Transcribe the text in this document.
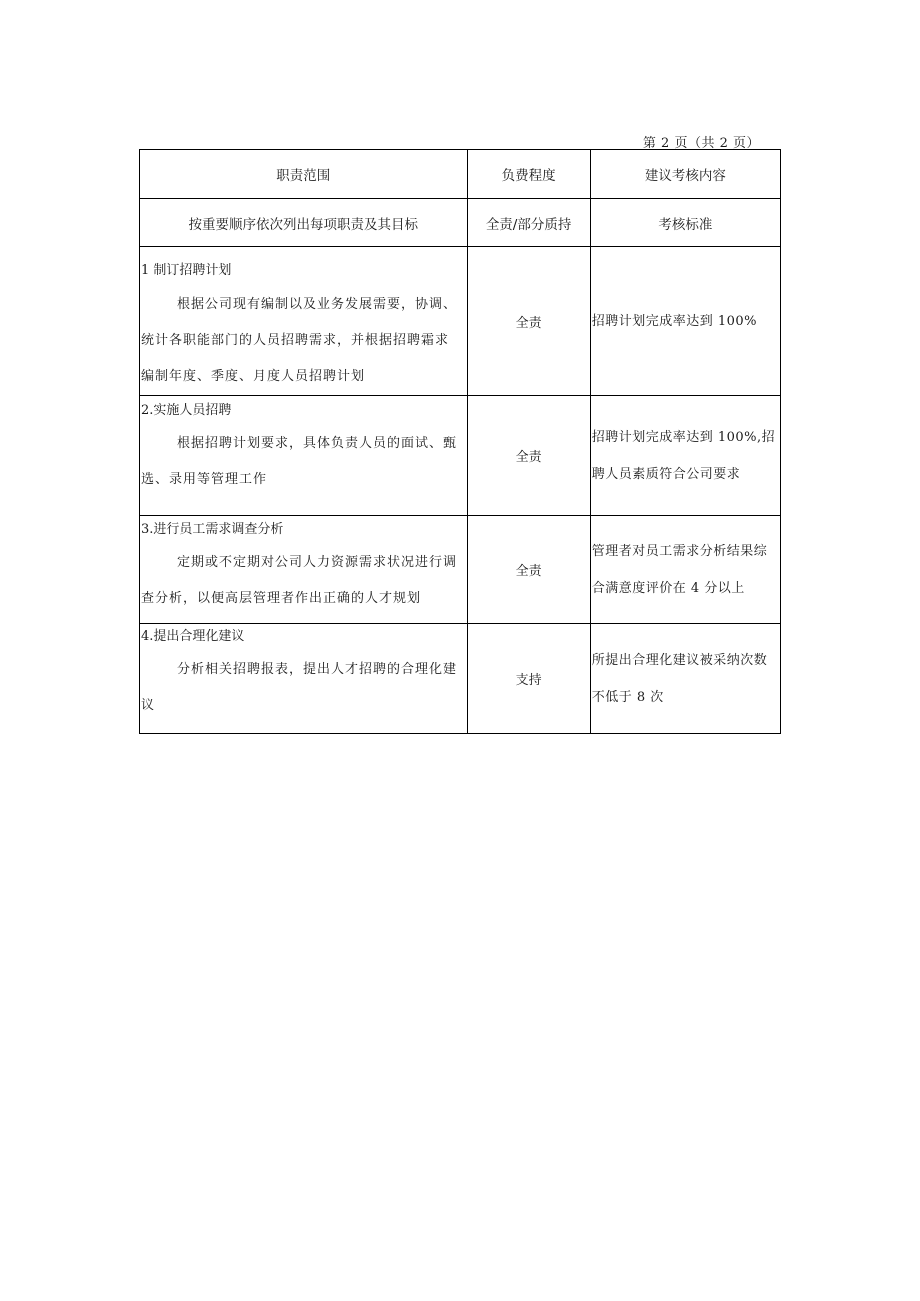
第 2 页（共 2 页）
职责范围	负费程度	建议考核内容
按重要顺序依次列出每项职责及其目标	全责/部分质持	考核标准

1 制订招聘计划
根据公司现有编制以及业务发展需要，协调、统计各职能部门的人员招聘需求，并根据招聘霜求编制年度、季度、月度人员招聘计划	全责	招聘计划完成率达到 100%

2.实施人员招聘
根据招聘计划要求，具体负责人员的面试、甄选、录用等管理工作	全责	招聘计划完成率达到 100%,招聘人员素质符合公司要求

3.进行员工需求调查分析
定期或不定期对公司人力资源需求状况进行调查分析，以便高层管理者作出正确的人才规划	全责	管理者对员工需求分析结果综合满意度评价在 4 分以上

4.提出合理化建议
分析相关招聘报表，提出人才招聘的合理化建议	支持	所提出合理化建议被采纳次数不低于 8 次
